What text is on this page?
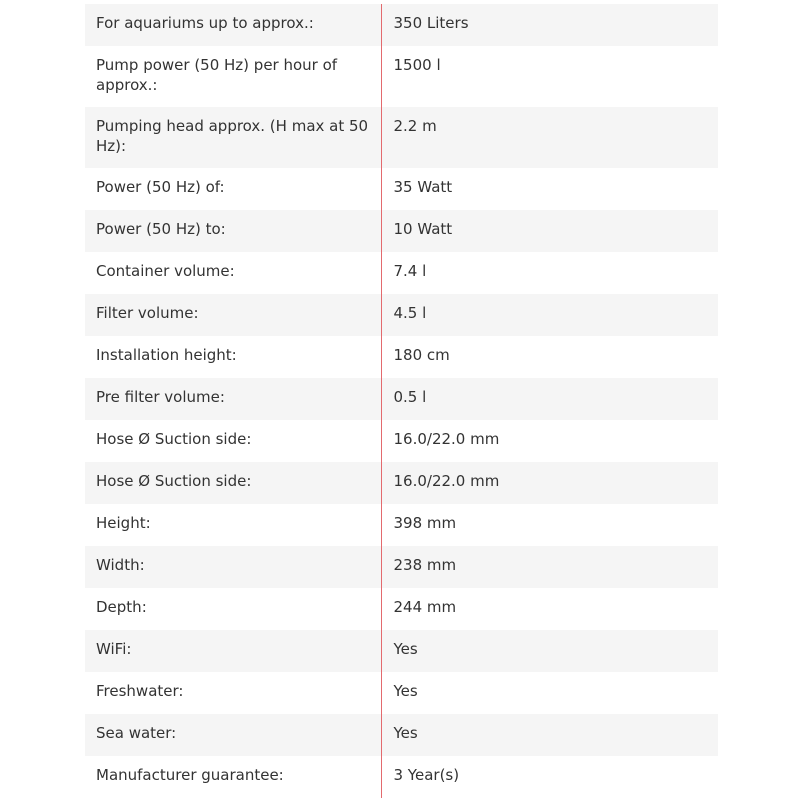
For aquariums up to approx.:	350 Liters
Pump power (50 Hz) per hour of approx.:	1500 l
Pumping head approx. (H max at 50 Hz):	2.2 m
Power (50 Hz) of:	35 Watt
Power (50 Hz) to:	10 Watt
Container volume:	7.4 l
Filter volume:	4.5 l
Installation height:	180 cm
Pre filter volume:	0.5 l
Hose Ø Suction side:	16.0/22.0 mm
Hose Ø Suction side:	16.0/22.0 mm
Height:	398 mm
Width:	238 mm
Depth:	244 mm
WiFi:	Yes
Freshwater:	Yes
Sea water:	Yes
Manufacturer guarantee:	3 Year(s)
